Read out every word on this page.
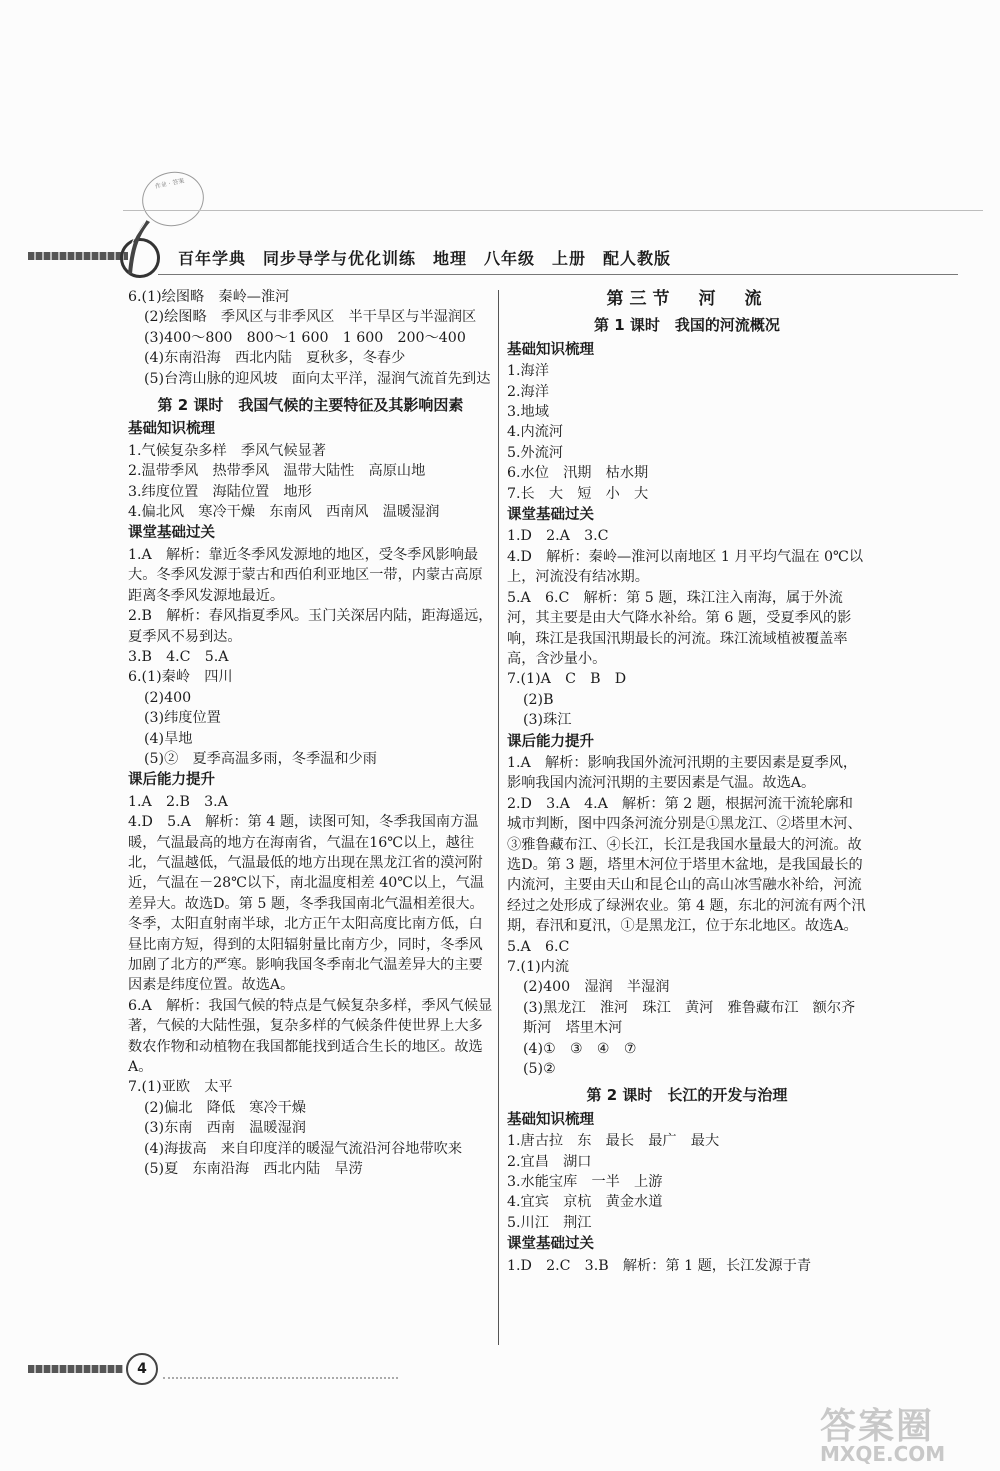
作业 · 答案
百年学典　同步导学与优化训练　地理　八年级　上册　配人教版
6.(1)绘图略　秦岭—淮河
(2)绘图略　季风区与非季风区　半干旱区与半湿润区
(3)400～800　800～1 600　1 600　200～400
(4)东南沿海　西北内陆　夏秋多，冬春少
(5)台湾山脉的迎风坡　面向太平洋，湿润气流首先到达
第 2 课时　我国气候的主要特征及其影响因素
基础知识梳理
1.气候复杂多样　季风气候显著
2.温带季风　热带季风　温带大陆性　高原山地
3.纬度位置　海陆位置　地形
4.偏北风　寒冷干燥　东南风　西南风　温暖湿润
课堂基础过关
1.A　解析：靠近冬季风发源地的地区，受冬季风影响最大。冬季风发源于蒙古和西伯利亚地区一带，内蒙古高原距离冬季风发源地最近。
2.B　解析：春风指夏季风。玉门关深居内陆，距海遥远，夏季风不易到达。
3.B　4.C　5.A
6.(1)秦岭　四川
(2)400
(3)纬度位置
(4)旱地
(5)②　夏季高温多雨，冬季温和少雨
课后能力提升
1.A　2.B　3.A
4.D　5.A　解析：第 4 题，读图可知，冬季我国南方温暖，气温最高的地方在海南省，气温在16℃以上，越往北，气温越低，气温最低的地方出现在黑龙江省的漠河附近，气温在－28℃以下，南北温度相差 40℃以上，气温差异大。故选D。第 5 题，冬季我国南北气温相差很大。冬季，太阳直射南半球，北方正午太阳高度比南方低，白昼比南方短，得到的太阳辐射量比南方少，同时，冬季风加剧了北方的严寒。影响我国冬季南北气温差异大的主要因素是纬度位置。故选A。
6.A　解析：我国气候的特点是气候复杂多样，季风气候显著，气候的大陆性强，复杂多样的气候条件使世界上大多数农作物和动植物在我国都能找到适合生长的地区。故选A。
7.(1)亚欧　太平
(2)偏北　降低　寒冷干燥
(3)东南　西南　温暖湿润
(4)海拔高　来自印度洋的暖湿气流沿河谷地带吹来
(5)夏　东南沿海　西北内陆　旱涝
第三节　河　流
第 1 课时　我国的河流概况
基础知识梳理
1.海洋
2.海洋
3.地域
4.内流河
5.外流河
6.水位　汛期　枯水期
7.长　大　短　小　大
课堂基础过关
1.D　2.A　3.C
4.D　解析：秦岭—淮河以南地区 1 月平均气温在 0℃以上，河流没有结冰期。
5.A　6.C　解析：第 5 题，珠江注入南海，属于外流河，其主要是由大气降水补给。第 6 题，受夏季风的影响，珠江是我国汛期最长的河流。珠江流域植被覆盖率高，含沙量小。
7.(1)A　C　B　D
(2)B
(3)珠江
课后能力提升
1.A　解析：影响我国外流河汛期的主要因素是夏季风，影响我国内流河汛期的主要因素是气温。故选A。
2.D　3.A　4.A　解析：第 2 题，根据河流干流轮廓和城市判断，图中四条河流分别是①黑龙江、②塔里木河、③雅鲁藏布江、④长江，长江是我国水量最大的河流。故选D。第 3 题，塔里木河位于塔里木盆地，是我国最长的内流河，主要由天山和昆仑山的高山冰雪融水补给，河流经过之处形成了绿洲农业。第 4 题，东北的河流有两个汛期，春汛和夏汛，①是黑龙江，位于东北地区。故选A。
5.A　6.C
7.(1)内流
(2)400　湿润　半湿润
(3)黑龙江　淮河　珠江　黄河　雅鲁藏布江　额尔齐斯河　塔里木河
(4)①　③　④　⑦
(5)②
第 2 课时　长江的开发与治理
基础知识梳理
1.唐古拉　东　最长　最广　最大
2.宜昌　湖口
3.水能宝库　一半　上游
4.宜宾　京杭　黄金水道
5.川江　荆江
课堂基础过关
1.D　2.C　3.B　解析：第 1 题，长江发源于青
4
答案圈
MXQE.COM
